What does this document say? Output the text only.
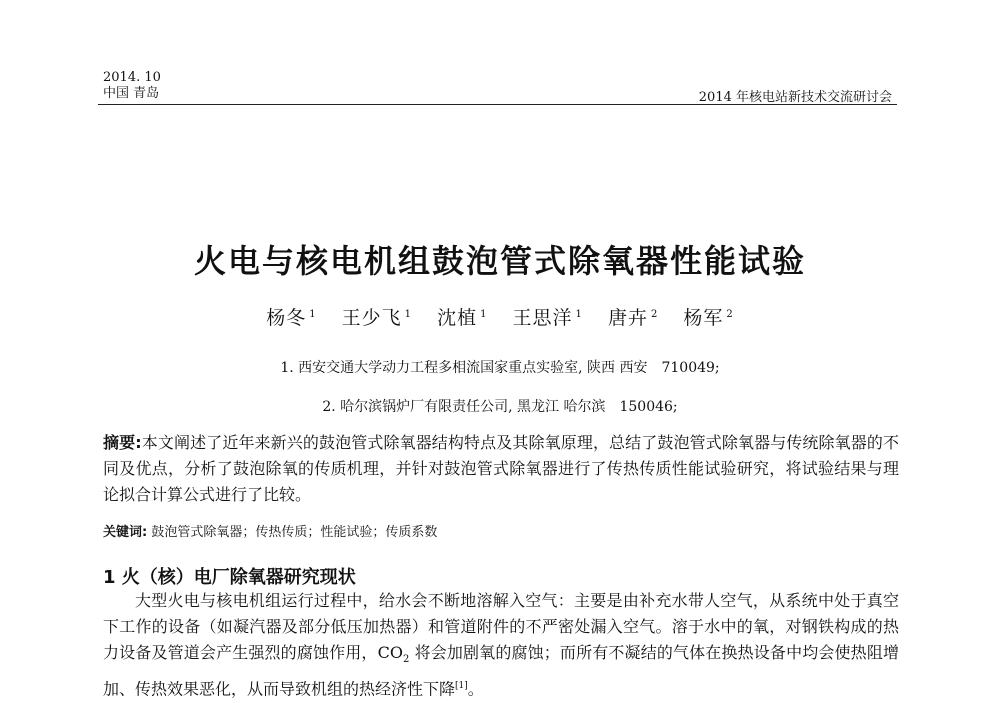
2014. 10
中国 青岛	2014 年核电站新技术交流研讨会
火电与核电机组鼓泡管式除氧器性能试验
杨冬 $^1$ 王少飞 $^1$ 沈植 $^1$ 王思洋 $^1$ 唐卉 $^2$ 杨军 $^2$
1. 西安交通大学动力工程多相流国家重点实验室, 陕西 西安　710049;
2. 哈尔滨锅炉厂有限责任公司, 黑龙江 哈尔滨　150046;
摘要:本文阐述了近年来新兴的鼓泡管式除氧器结构特点及其除氧原理，总结了鼓泡管式除氧器与传统除氧器的不同及优点，分析了鼓泡除氧的传质机理，并针对鼓泡管式除氧器进行了传热传质性能试验研究，将试验结果与理论拟合计算公式进行了比较。
关键词: 鼓泡管式除氧器；传热传质；性能试验；传质系数
1 火（核）电厂除氧器研究现状

大型火电与核电机组运行过程中，给水会不断地溶解入空气：主要是由补充水带人空气，从系统中处于真空下工作的设备（如凝汽器及部分低压加热器）和管道附件的不严密处漏入空气。溶于水中的氧，对钢铁构成的热力设备及管道会产生强烈的腐蚀作用，$CO_2$ 将会加剧氧的腐蚀；而所有不凝结的气体在换热设备中均会使热阻增加、传热效果恶化，从而导致机组的热经济性下降[1]。
